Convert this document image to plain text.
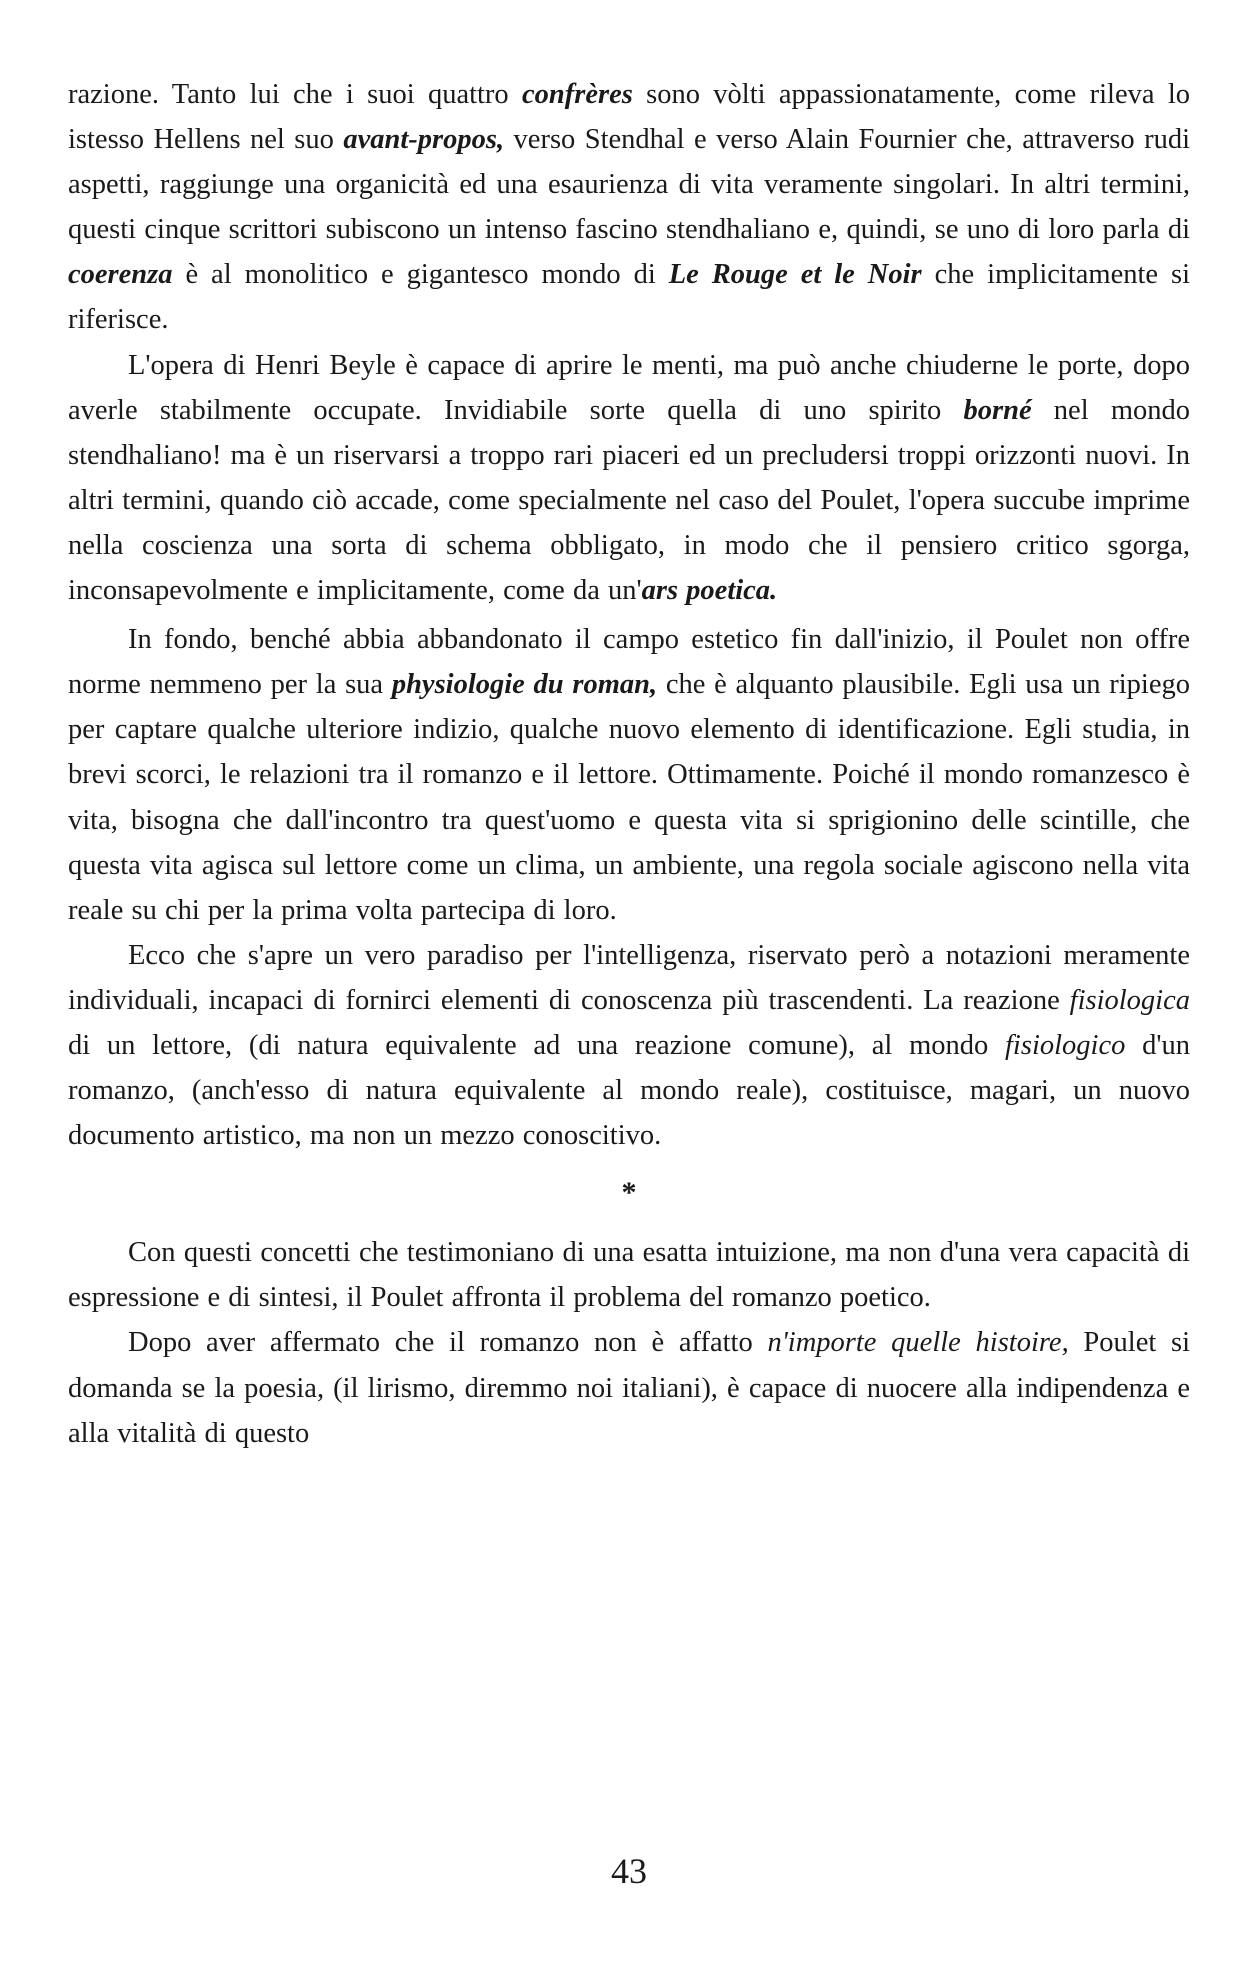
razione. Tanto lui che i suoi quattro confrères sono vòlti appassionatamente, come rileva lo istesso Hellens nel suo avant-propos, verso Stendhal e verso Alain Fournier che, attraverso rudi aspetti, raggiunge una organicità ed una esaurienza di vita veramente singolari. In altri termini, questi cinque scrittori subiscono un intenso fascino stendhaliano e, quindi, se uno di loro parla di coerenza è al monolitico e gigantesco mondo di Le Rouge et le Noir che implicitamente si riferisce.

L'opera di Henri Beyle è capace di aprire le menti, ma può anche chiuderne le porte, dopo averle stabilmente occupate. Invidiabile sorte quella di uno spirito borné nel mondo stendhaliano! ma è un riservarsi a troppo rari piaceri ed un precludersi troppi orizzonti nuovi. In altri termini, quando ciò accade, come specialmente nel caso del Poulet, l'opera succube imprime nella coscienza una sorta di schema obbligato, in modo che il pensiero critico sgorga, inconsapevolmente e implicitamente, come da un'ars poetica.

In fondo, benché abbia abbandonato il campo estetico fin dall'inizio, il Poulet non offre norme nemmeno per la sua physiologie du roman, che è alquanto plausibile. Egli usa un ripiego per captare qualche ulteriore indizio, qualche nuovo elemento di identificazione. Egli studia, in brevi scorci, le relazioni tra il romanzo e il lettore. Ottimamente. Poiché il mondo romanzesco è vita, bisogna che dall'incontro tra quest'uomo e questa vita si sprigionino delle scintille, che questa vita agisca sul lettore come un clima, un ambiente, una regola sociale agiscono nella vita reale su chi per la prima volta partecipa di loro.

Ecco che s'apre un vero paradiso per l'intelligenza, riservato però a notazioni meramente individuali, incapaci di fornirci elementi di conoscenza più trascendenti. La reazione fisiologica di un lettore, (di natura equivalente ad una reazione comune), al mondo fisiologico d'un romanzo, (anch'esso di natura equivalente al mondo reale), costituisce, magari, un nuovo documento artistico, ma non un mezzo conoscitivo.

*

Con questi concetti che testimoniano di una esatta intuizione, ma non d'una vera capacità di espressione e di sintesi, il Poulet affronta il problema del romanzo poetico.

Dopo aver affermato che il romanzo non è affatto n'importe quelle histoire, Poulet si domanda se la poesia, (il lirismo, diremmo noi italiani), è capace di nuocere alla indipendenza e alla vitalità di questo

43
